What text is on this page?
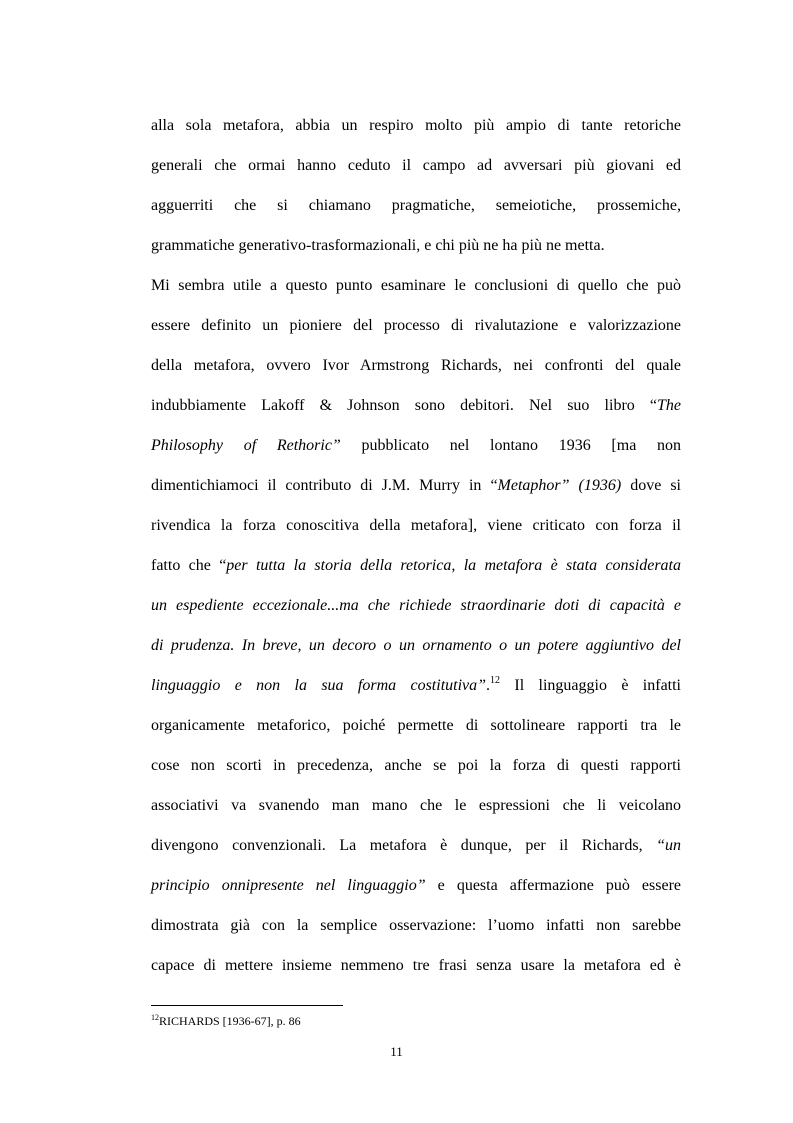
alla sola metafora, abbia un respiro molto più ampio di tante retoriche
generali che ormai hanno ceduto il campo ad avversari più giovani ed
agguerriti che si chiamano pragmatiche, semeiotiche, prossemiche,
grammatiche generativo-trasformazionali, e chi più ne ha più ne metta.
Mi sembra utile a questo punto esaminare le conclusioni di quello che può
essere definito un pioniere del processo di rivalutazione e valorizzazione
della metafora, ovvero Ivor Armstrong Richards, nei confronti del quale
indubbiamente Lakoff & Johnson sono debitori. Nel suo libro “The
Philosophy of Rethoric” pubblicato nel lontano 1936 [ma non
dimentichiamoci il contributo di J.M. Murry in “Metaphor” (1936) dove si
rivendica la forza conoscitiva della metafora], viene criticato con forza il
fatto che “per tutta la storia della retorica, la metafora è stata considerata
un espediente eccezionale...ma che richiede straordinarie doti di capacità e
di prudenza. In breve, un decoro o un ornamento o un potere aggiuntivo del
linguaggio e non la sua forma costitutiva”.$^{12}$ Il linguaggio è infatti
organicamente metaforico, poiché permette di sottolineare rapporti tra le
cose non scorti in precedenza, anche se poi la forza di questi rapporti
associativi va svanendo man mano che le espressioni che li veicolano
divengono convenzionali. La metafora è dunque, per il Richards, “un
principio onnipresente nel linguaggio” e questa affermazione può essere
dimostrata già con la semplice osservazione: l’uomo infatti non sarebbe
capace di mettere insieme nemmeno tre frasi senza usare la metafora ed è
$^{12}$RICHARDS [1936-67], p. 86
11
